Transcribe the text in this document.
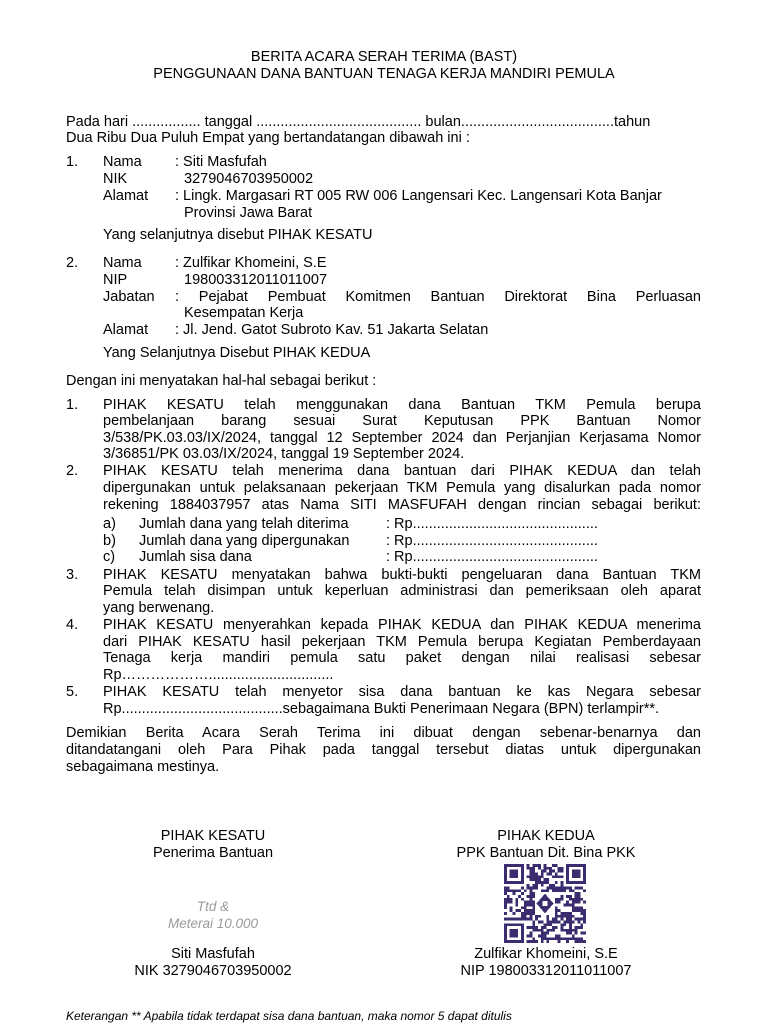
BERITA ACARA SERAH TERIMA (BAST)
PENGGUNAAN DANA BANTUAN TENAGA KERJA MANDIRI PEMULA
Pada hari ................. tanggal ......................................... bulan......................................tahun
Dua Ribu Dua Puluh Empat yang bertandatangan dibawah ini :
1. Nama : Siti Masfufah
NIK	3279046703950002
Alamat : Lingk. Margasari RT 005 RW 006 Langensari Kec. Langensari Kota Banjar
Provinsi Jawa Barat
Yang selanjutnya disebut PIHAK KESATU
2. Nama : Zulfikar Khomeini, S.E
NIP	198003312011011007
Jabatan : Pejabat Pembuat Komitmen Bantuan Direktorat Bina Perluasan
Kesempatan Kerja
Alamat : Jl. Jend. Gatot Subroto Kav. 51 Jakarta Selatan
Yang Selanjutnya Disebut PIHAK KEDUA
Dengan ini menyatakan hal-hal sebagai berikut :
1. PIHAK KESATU telah menggunakan dana Bantuan TKM Pemula berupa
pembelanjaan barang sesuai Surat Keputusan PPK Bantuan Nomor
3/538/PK.03.03/IX/2024, tanggal 12 September 2024 dan Perjanjian Kerjasama Nomor
3/36851/PK 03.03/IX/2024, tanggal 19 September 2024.
2. PIHAK KESATU telah menerima dana bantuan dari PIHAK KEDUA dan telah
dipergunakan untuk pelaksanaan pekerjaan TKM Pemula yang disalurkan pada nomor
rekening 1884037957 atas Nama SITI MASFUFAH dengan rincian sebagai berikut:
a) Jumlah dana yang telah diterima	: Rp..............................................
b) Jumlah dana yang dipergunakan	: Rp..............................................
c) Jumlah sisa dana	: Rp..............................................
3. PIHAK KESATU menyatakan bahwa bukti-bukti pengeluaran dana Bantuan TKM
Pemula telah disimpan untuk keperluan administrasi dan pemeriksaan oleh aparat
yang berwenang.
4. PIHAK KESATU menyerahkan kepada PIHAK KEDUA dan PIHAK KEDUA menerima
dari PIHAK KESATU hasil pekerjaan TKM Pemula berupa Kegiatan Pemberdayaan
Tenaga kerja mandiri pemula satu paket dengan nilai realisasi sebesar
Rp………………...............................
5. PIHAK KESATU telah menyetor sisa dana bantuan ke kas Negara sebesar
Rp........................................sebagaimana Bukti Penerimaan Negara (BPN) terlampir**.
Demikian Berita Acara Serah Terima ini dibuat dengan sebenar-benarnya dan
ditandatangani oleh Para Pihak pada tanggal tersebut diatas untuk dipergunakan
sebagaimana mestinya.
PIHAK KESATU
Penerima Bantuan
Ttd &
Meterai 10.000
Siti Masfufah
NIK 3279046703950002
PIHAK KEDUA
PPK Bantuan Dit. Bina PKK
Zulfikar Khomeini, S.E
NIP 198003312011011007
Keterangan ** Apabila tidak terdapat sisa dana bantuan, maka nomor 5 dapat ditulis
